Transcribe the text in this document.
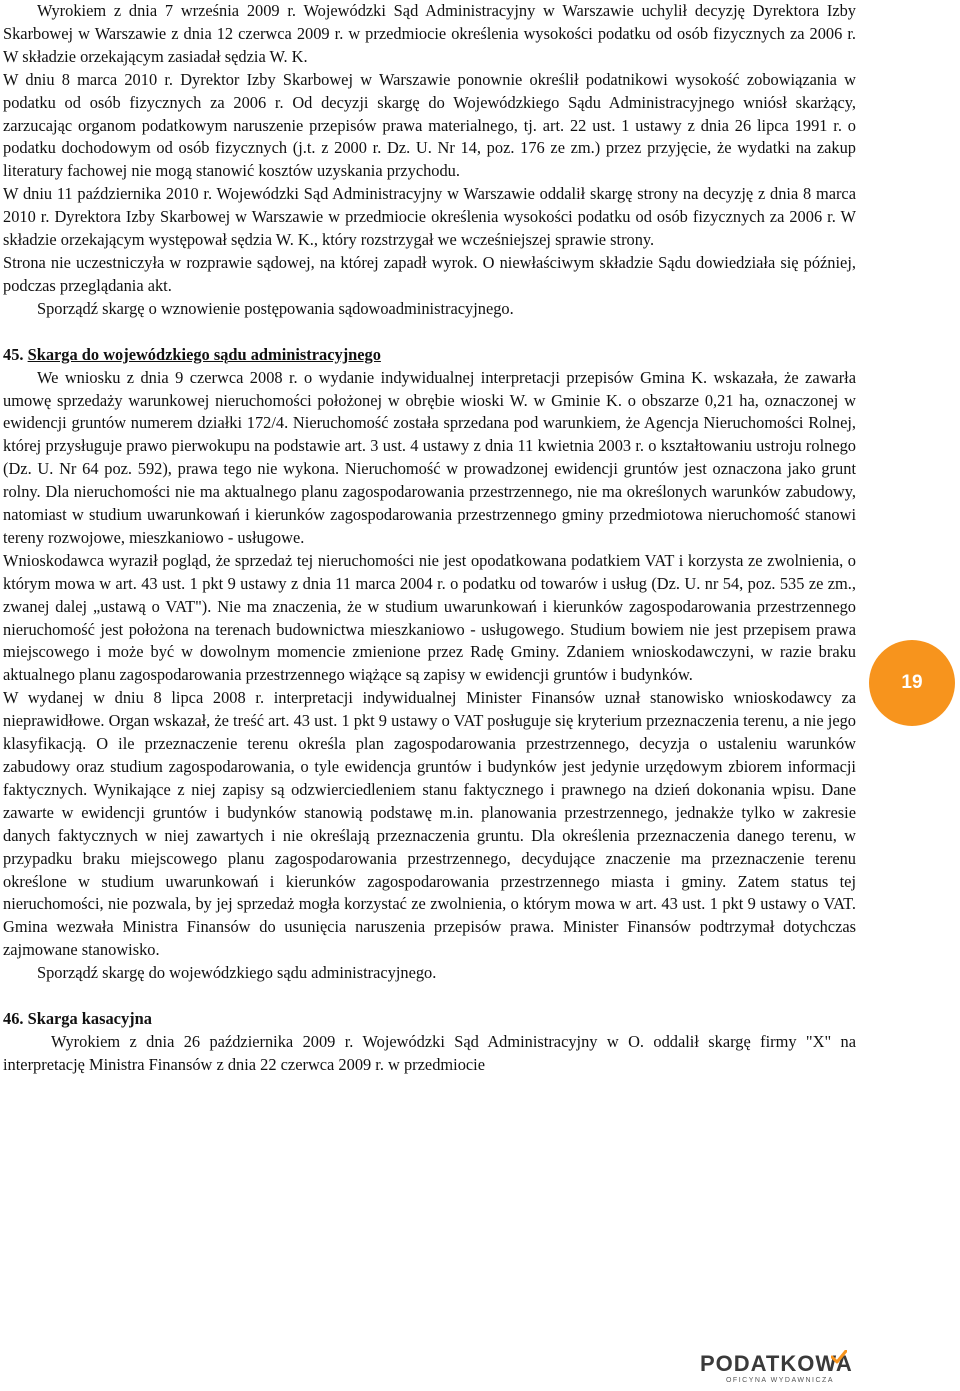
Wyrokiem z dnia 7 września 2009 r. Wojewódzki Sąd Administracyjny w Warszawie uchylił decyzję Dyrektora Izby Skarbowej w Warszawie z dnia 12 czerwca 2009 r. w przedmiocie określenia wysokości podatku od osób fizycznych za 2006 r. W składzie orzekającym zasiadał sędzia W. K.

W dniu 8 marca 2010 r. Dyrektor Izby Skarbowej w Warszawie ponownie określił podatnikowi wysokość zobowiązania w podatku od osób fizycznych za 2006 r. Od decyzji skargę do Wojewódzkiego Sądu Administracyjnego wniósł skarżący, zarzucając organom podatkowym naruszenie przepisów prawa materialnego, tj. art. 22 ust. 1 ustawy z dnia 26 lipca 1991 r. o podatku dochodowym od osób fizycznych (j.t. z 2000 r. Dz. U. Nr 14, poz. 176 ze zm.) przez przyjęcie, że wydatki na zakup literatury fachowej nie mogą stanowić kosztów uzyskania przychodu.

W dniu 11 października 2010 r. Wojewódzki Sąd Administracyjny w Warszawie oddalił skargę strony na decyzję z dnia 8 marca 2010 r. Dyrektora Izby Skarbowej w Warszawie w przedmiocie określenia wysokości podatku od osób fizycznych za 2006 r. W składzie orzekającym występował sędzia W. K., który rozstrzygał we wcześniejszej sprawie strony.

Strona nie uczestniczyła w rozprawie sądowej, na której zapadł wyrok. O niewłaściwym składzie Sądu dowiedziała się później, podczas przeglądania akt.

Sporządź skargę o wznowienie postępowania sądowoadministracyjnego.

45. Skarga do wojewódzkiego sądu administracyjnego

We wniosku z dnia 9 czerwca 2008 r. o wydanie indywidualnej interpretacji przepisów Gmina K. wskazała, że zawarła umowę sprzedaży warunkowej nieruchomości położonej w obrębie wioski W. w Gminie K. o obszarze 0,21 ha, oznaczonej w ewidencji gruntów numerem działki 172/4. Nieruchomość została sprzedana pod warunkiem, że Agencja Nieruchomości Rolnej, której przysługuje prawo pierwokupu na podstawie art. 3 ust. 4 ustawy z dnia 11 kwietnia 2003 r. o kształtowaniu ustroju rolnego (Dz. U. Nr 64 poz. 592), prawa tego nie wykona. Nieruchomość w prowadzonej ewidencji gruntów jest oznaczona jako grunt rolny. Dla nieruchomości nie ma aktualnego planu zagospodarowania przestrzennego, nie ma określonych warunków zabudowy, natomiast w studium uwarunkowań i kierunków zagospodarowania przestrzennego gminy przedmiotowa nieruchomość stanowi tereny rozwojowe, mieszkaniowo - usługowe.

Wnioskodawca wyraził pogląd, że sprzedaż tej nieruchomości nie jest opodatkowana podatkiem VAT i korzysta ze zwolnienia, o którym mowa w art. 43 ust. 1 pkt 9 ustawy z dnia 11 marca 2004 r. o podatku od towarów i usług (Dz. U. nr 54, poz. 535 ze zm., zwanej dalej „ustawą o VAT"). Nie ma znaczenia, że w studium uwarunkowań i kierunków zagospodarowania przestrzennego nieruchomość jest położona na terenach budownictwa mieszkaniowo - usługowego. Studium bowiem nie jest przepisem prawa miejscowego i może być w dowolnym momencie zmienione przez Radę Gminy. Zdaniem wnioskodawczyni, w razie braku aktualnego planu zagospodarowania przestrzennego wiążące są zapisy w ewidencji gruntów i budynków.

W wydanej w dniu 8 lipca 2008 r. interpretacji indywidualnej Minister Finansów uznał stanowisko wnioskodawcy za nieprawidłowe. Organ wskazał, że treść art. 43 ust. 1 pkt 9 ustawy o VAT posługuje się kryterium przeznaczenia terenu, a nie jego klasyfikacją. O ile przeznaczenie terenu określa plan zagospodarowania przestrzennego, decyzja o ustaleniu warunków zabudowy oraz studium zagospodarowania, o tyle ewidencja gruntów i budynków jest jedynie urzędowym zbiorem informacji faktycznych. Wynikające z niej zapisy są odzwierciedleniem stanu faktycznego i prawnego na dzień dokonania wpisu. Dane zawarte w ewidencji gruntów i budynków stanowią podstawę m.in. planowania przestrzennego, jednakże tylko w zakresie danych faktycznych w niej zawartych i nie określają przeznaczenia gruntu. Dla określenia przeznaczenia danego terenu, w przypadku braku miejscowego planu zagospodarowania przestrzennego, decydujące znaczenie ma przeznaczenie terenu określone w studium uwarunkowań i kierunków zagospodarowania przestrzennego miasta i gminy. Zatem status tej nieruchomości, nie pozwala, by jej sprzedaż mogła korzystać ze zwolnienia, o którym mowa w art. 43 ust. 1 pkt 9 ustawy o VAT. Gmina wezwała Ministra Finansów do usunięcia naruszenia przepisów prawa. Minister Finansów podtrzymał dotychczas zajmowane stanowisko.

Sporządź skargę do wojewódzkiego sądu administracyjnego.

46. Skarga kasacyjna

Wyrokiem z dnia 26 października 2009 r. Wojewódzki Sąd Administracyjny w O. oddalił skargę firmy "X" na interpretację Ministra Finansów z dnia 22 czerwca 2009 r. w przedmiocie

19
PODATKOWA
OFICYNA WYDAWNICZA
